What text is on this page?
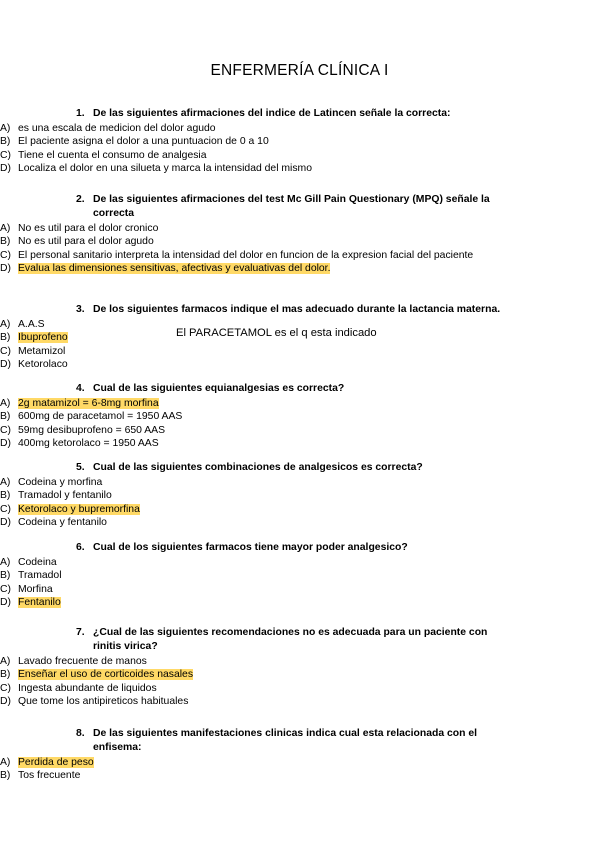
ENFERMERÍA CLÍNICA I
El PARACETAMOL es el q esta indicado
1. De las siguientes afirmaciones del indice de Latincen señale la correcta:
A) es una escala de medicion del dolor agudo
B) El paciente asigna el dolor a una puntuacion de 0 a 10
C) Tiene el cuenta el consumo de analgesia
D) Localiza el dolor en una silueta y marca la intensidad del mismo
2. De las siguientes afirmaciones del test Mc Gill Pain Questionary (MPQ) señale la correcta
A) No es util para el dolor cronico
B) No es util para el dolor agudo
C) El personal sanitario interpreta la intensidad del dolor en funcion de la expresion facial del paciente
D) Evalua las dimensiones sensitivas, afectivas y evaluativas del dolor.
3. De los siguientes farmacos indique el mas adecuado durante la lactancia materna.
A) A.A.S
B) Ibuprofeno
C) Metamizol
D) Ketorolaco
4. Cual de las siguientes equianalgesias es correcta?
A) 2g matamizol = 6-8mg morfina
B) 600mg de paracetamol = 1950 AAS
C) 59mg desibuprofeno = 650 AAS
D) 400mg ketorolaco = 1950 AAS
5. Cual de las siguientes combinaciones de analgesicos es correcta?
A) Codeina y morfina
B) Tramadol y fentanilo
C) Ketorolaco y bupremorfina
D) Codeina y fentanilo
6. Cual de los siguientes farmacos tiene mayor poder analgesico?
A) Codeina
B) Tramadol
C) Morfina
D) Fentanilo
7. ¿Cual de las siguientes recomendaciones no es adecuada para un paciente con rinitis virica?
A) Lavado frecuente de manos
B) Enseñar el uso de corticoides nasales
C) Ingesta abundante de liquidos
D) Que tome los antipireticos habituales
8. De las siguientes manifestaciones clinicas indica cual esta relacionada con el enfisema:
A) Perdida de peso
B) Tos frecuente
